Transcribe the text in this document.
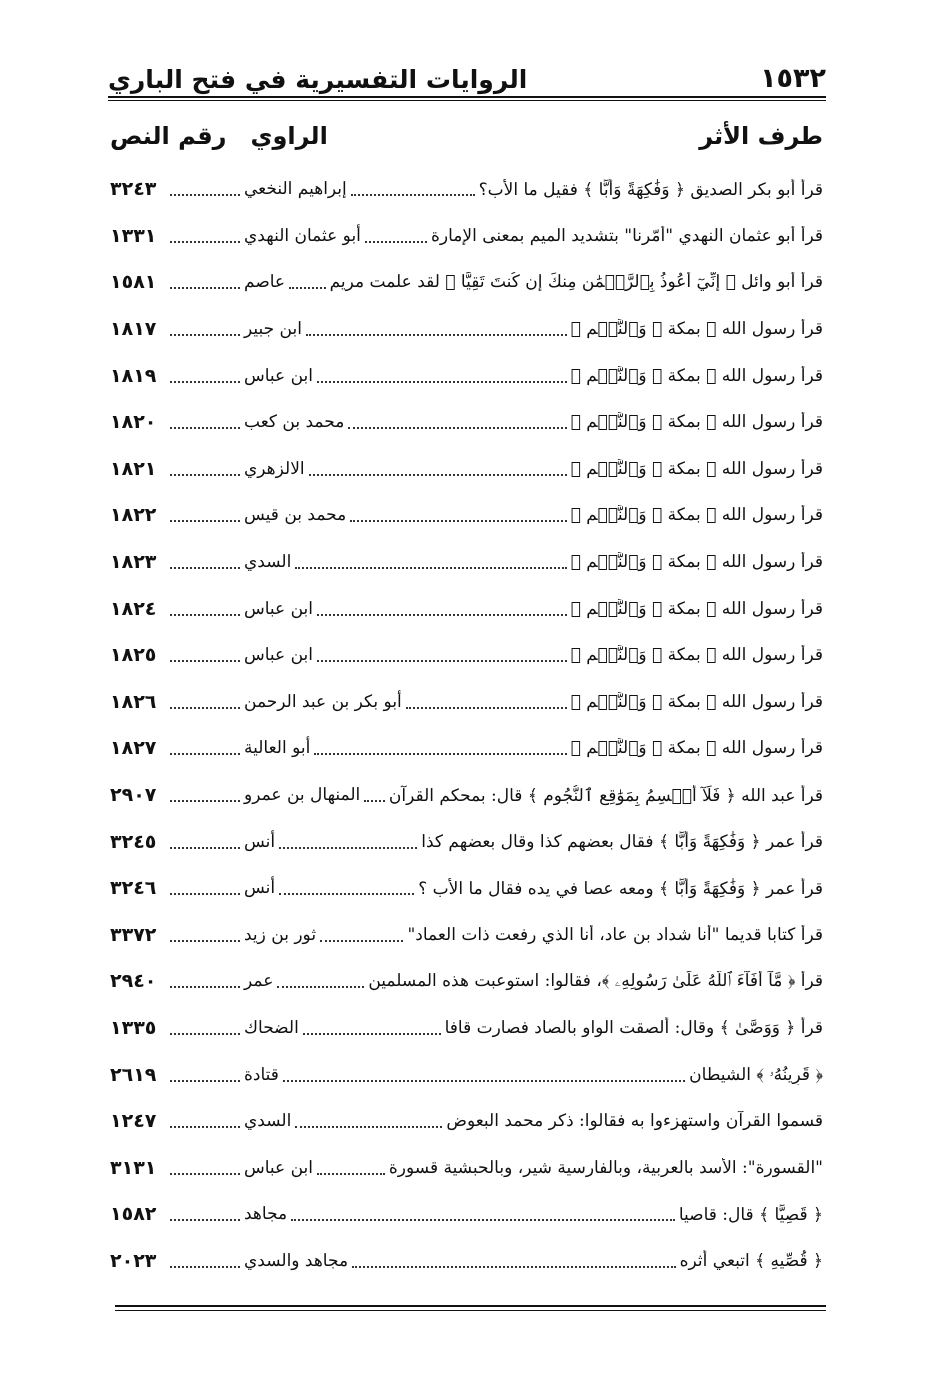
١٥٣٢
الروايات التفسيرية في فتح الباري
طرف الأثر
الراوي
رقم النص
قرأ أبو بكر الصديق ﴿ وَفَٰكِهَةً وَأَبًّا ﴾ فقيل ما الأب؟
إبراهيم النخعي
٣٢٤٣
قرأ أبو عثمان النهدي "أمّرنا" بتشديد الميم بمعنى الإمارة
أبو عثمان النهدي
١٣٣١
قرأ أبو وائل ﴿ إِنِّيٓ أَعُوذُ بِٱلرَّحۡمَٰنِ مِنكَ إِن كُنتَ تَقِيًّا ﴾ لقد علمت مريم
عاصم
١٥٨١
قرأ رسول الله ﷺ بمكة ﴿ وَٱلنَّجۡمِ ﴾
ابن جبير
١٨١٧
قرأ رسول الله ﷺ بمكة ﴿ وَٱلنَّجۡمِ ﴾
ابن عباس
١٨١٩
قرأ رسول الله ﷺ بمكة ﴿ وَٱلنَّجۡمِ ﴾
محمد بن كعب
١٨٢٠
قرأ رسول الله ﷺ بمكة ﴿ وَٱلنَّجۡمِ ﴾
الالزهري
١٨٢١
قرأ رسول الله ﷺ بمكة ﴿ وَٱلنَّجۡمِ ﴾
محمد بن قيس
١٨٢٢
قرأ رسول الله ﷺ بمكة ﴿ وَٱلنَّجۡمِ ﴾
السدي
١٨٢٣
قرأ رسول الله ﷺ بمكة ﴿ وَٱلنَّجۡمِ ﴾
ابن عباس
١٨٢٤
قرأ رسول الله ﷺ بمكة ﴿ وَٱلنَّجۡمِ ﴾
ابن عباس
١٨٢٥
قرأ رسول الله ﷺ بمكة ﴿ وَٱلنَّجۡمِ ﴾
أبو بكر بن عبد الرحمن
١٨٢٦
قرأ رسول الله ﷺ بمكة ﴿ وَٱلنَّجۡمِ ﴾
أبو العالية
١٨٢٧
قرأ عبد الله ﴿ فَلَآ أُقۡسِمُ بِمَوَٰقِعِ ٱلنُّجُومِ ﴾ قال: بمحكم القرآن
المنهال بن عمرو
٢٩٠٧
قرأ عمر ﴿ وَفَٰكِهَةً وَأَبًّا ﴾ فقال بعضهم كذا وقال بعضهم كذا
أنس
٣٢٤٥
قرأ عمر ﴿ وَفَٰكِهَةً وَأَبًّا ﴾ ومعه عصا في يده فقال ما الأب ؟
أنس
٣٢٤٦
قرأ كتابا قديما "أنا شداد بن عاد، أنا الذي رفعت ذات العماد"
ثور بن زيد
٣٣٧٢
قرأ ﴿ مَّآ أَفَآءَ ٱللَّهُ عَلَىٰ رَسُولِهِۦ ﴾، فقالوا: استوعبت هذه المسلمين
عمر
٢٩٤٠
قرأ ﴿ وَوَصَّىٰ ﴾ وقال: ألصقت الواو بالصاد فصارت قافا
الضحاك
١٣٣٥
﴿ قَرِينُهُۥ ﴾ الشيطان
قتادة
٢٦١٩
قسموا القرآن واستهزءوا به فقالوا: ذكر محمد البعوض
السدي
١٢٤٧
"القسورة": الأسد بالعربية، وبالفارسية شير، وبالحبشية قسورة
ابن عباس
٣١٣١
﴿ قَصِيًّا ﴾ قال: قاصيا
مجاهد
١٥٨٢
﴿ قُصِّيهِ ﴾ اتبعي أثره
مجاهد والسدي
٢٠٢٣
